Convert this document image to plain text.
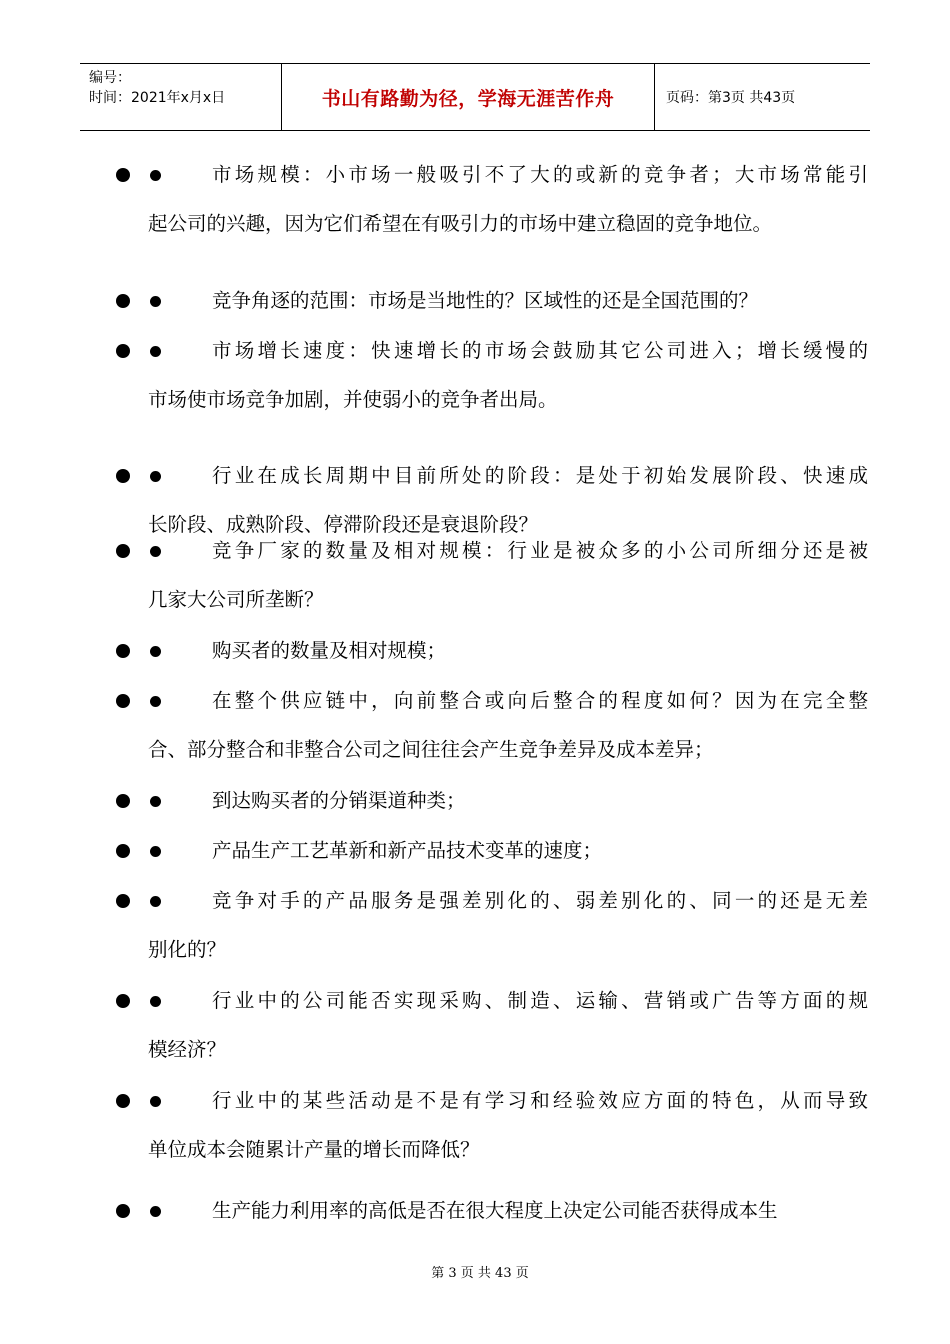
编号：
时间：2021年x月x日	书山有路勤为径，学海无涯苦作舟	页码：第3页 共43页
市场规模：小市场一般吸引不了大的或新的竞争者；大市场常能引
起公司的兴趣，因为它们希望在有吸引力的市场中建立稳固的竞争地位。
竞争角逐的范围：市场是当地性的？区域性的还是全国范围的？
市场增长速度：快速增长的市场会鼓励其它公司进入；增长缓慢的
市场使市场竞争加剧，并使弱小的竞争者出局。
行业在成长周期中目前所处的阶段：是处于初始发展阶段、快速成
长阶段、成熟阶段、停滞阶段还是衰退阶段？
竞争厂家的数量及相对规模：行业是被众多的小公司所细分还是被
几家大公司所垄断？
购买者的数量及相对规模；
在整个供应链中，向前整合或向后整合的程度如何？因为在完全整
合、部分整合和非整合公司之间往往会产生竞争差异及成本差异；
到达购买者的分销渠道种类；
产品生产工艺革新和新产品技术变革的速度；
竞争对手的产品服务是强差别化的、弱差别化的、同一的还是无差
别化的？
行业中的公司能否实现采购、制造、运输、营销或广告等方面的规
模经济？
行业中的某些活动是不是有学习和经验效应方面的特色，从而导致
单位成本会随累计产量的增长而降低？
生产能力利用率的高低是否在很大程度上决定公司能否获得成本生
第 3 页 共 43 页
